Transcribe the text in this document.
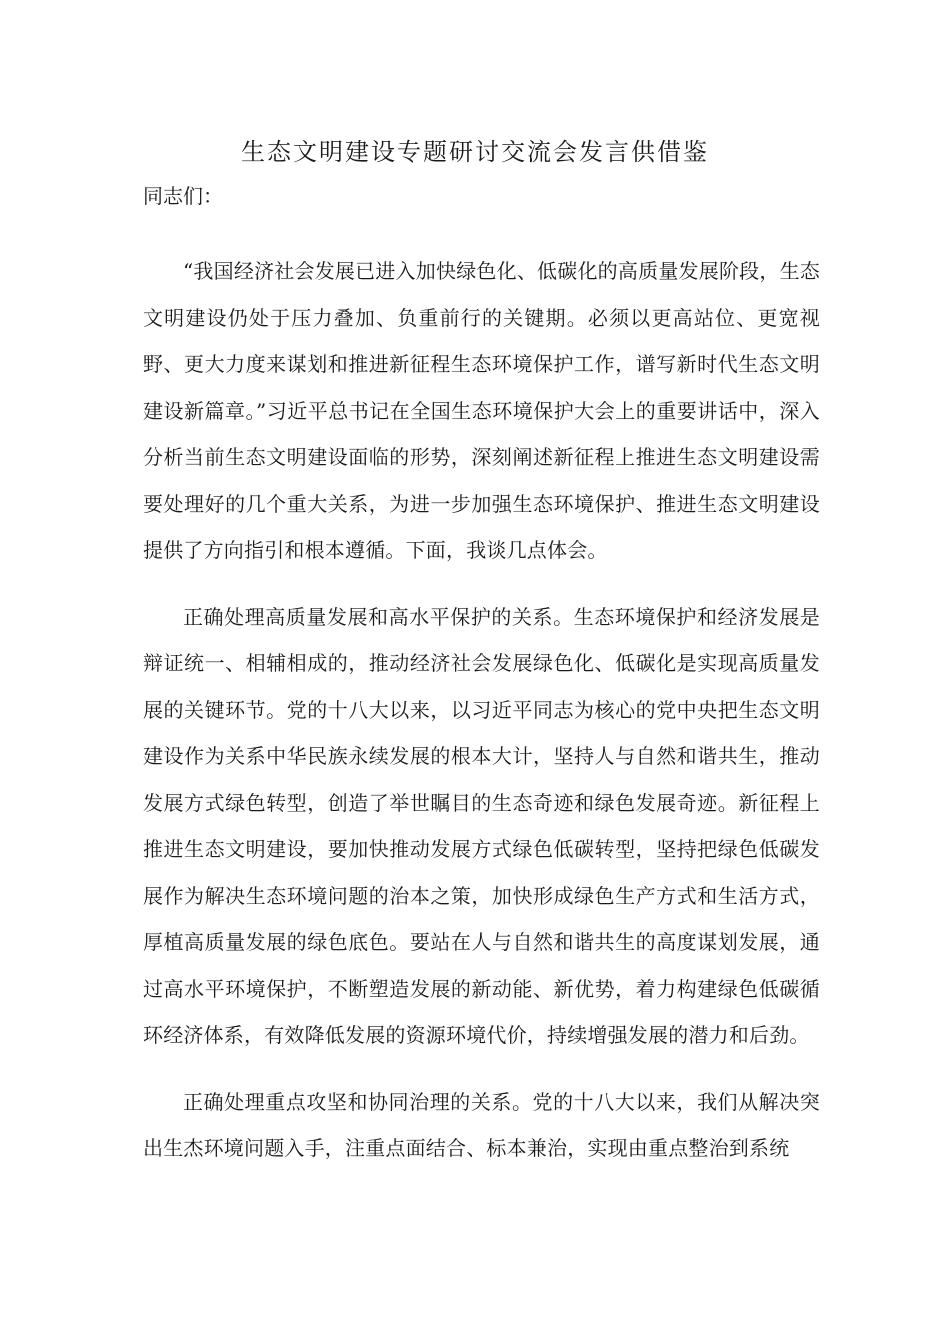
生态文明建设专题研讨交流会发言供借鉴

同志们：

“我国经济社会发展已进入加快绿色化、低碳化的高质量发展阶段，生态文明建设仍处于压力叠加、负重前行的关键期。必须以更高站位、更宽视野、更大力度来谋划和推进新征程生态环境保护工作，谱写新时代生态文明建设新篇章。”习近平总书记在全国生态环境保护大会上的重要讲话中，深入分析当前生态文明建设面临的形势，深刻阐述新征程上推进生态文明建设需要处理好的几个重大关系，为进一步加强生态环境保护、推进生态文明建设提供了方向指引和根本遵循。下面，我谈几点体会。

正确处理高质量发展和高水平保护的关系。生态环境保护和经济发展是辩证统一、相辅相成的，推动经济社会发展绿色化、低碳化是实现高质量发展的关键环节。党的十八大以来，以习近平同志为核心的党中央把生态文明建设作为关系中华民族永续发展的根本大计，坚持人与自然和谐共生，推动发展方式绿色转型，创造了举世瞩目的生态奇迹和绿色发展奇迹。新征程上推进生态文明建设，要加快推动发展方式绿色低碳转型，坚持把绿色低碳发展作为解决生态环境问题的治本之策，加快形成绿色生产方式和生活方式，厚植高质量发展的绿色底色。要站在人与自然和谐共生的高度谋划发展，通过高水平环境保护，不断塑造发展的新动能、新优势，着力构建绿色低碳循环经济体系，有效降低发展的资源环境代价，持续增强发展的潜力和后劲。

正确处理重点攻坚和协同治理的关系。党的十八大以来，我们从解决突出生杰环境问题入手，注重点面结合、标本兼治，实现由重点整治到系统
